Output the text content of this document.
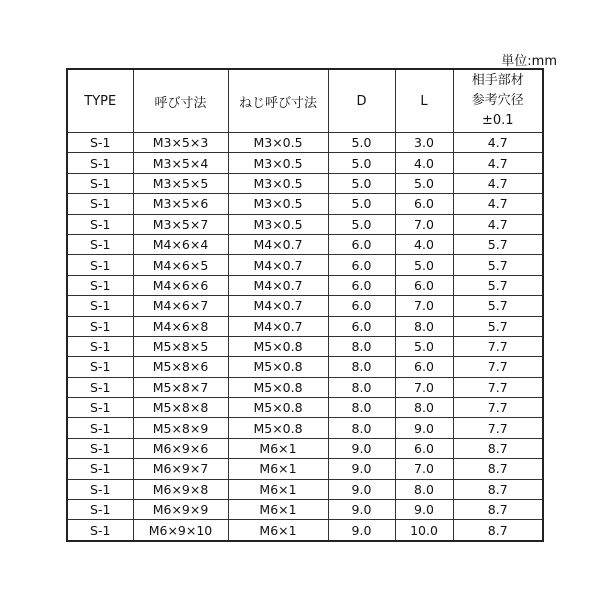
単位:mm
TYPE	呼び寸法	ねじ呼び寸法	D	L	相手部材
参考穴径
±0.1

S-1	M3×5×3	M3×0.5	5.0	3.0	4.7
S-1	M3×5×4	M3×0.5	5.0	4.0	4.7
S-1	M3×5×5	M3×0.5	5.0	5.0	4.7
S-1	M3×5×6	M3×0.5	5.0	6.0	4.7
S-1	M3×5×7	M3×0.5	5.0	7.0	4.7
S-1	M4×6×4	M4×0.7	6.0	4.0	5.7
S-1	M4×6×5	M4×0.7	6.0	5.0	5.7
S-1	M4×6×6	M4×0.7	6.0	6.0	5.7
S-1	M4×6×7	M4×0.7	6.0	7.0	5.7
S-1	M4×6×8	M4×0.7	6.0	8.0	5.7
S-1	M5×8×5	M5×0.8	8.0	5.0	7.7
S-1	M5×8×6	M5×0.8	8.0	6.0	7.7
S-1	M5×8×7	M5×0.8	8.0	7.0	7.7
S-1	M5×8×8	M5×0.8	8.0	8.0	7.7
S-1	M5×8×9	M5×0.8	8.0	9.0	7.7
S-1	M6×9×6	M6×1	9.0	6.0	8.7
S-1	M6×9×7	M6×1	9.0	7.0	8.7
S-1	M6×9×8	M6×1	9.0	8.0	8.7
S-1	M6×9×9	M6×1	9.0	9.0	8.7
S-1	M6×9×10	M6×1	9.0	10.0	8.7
